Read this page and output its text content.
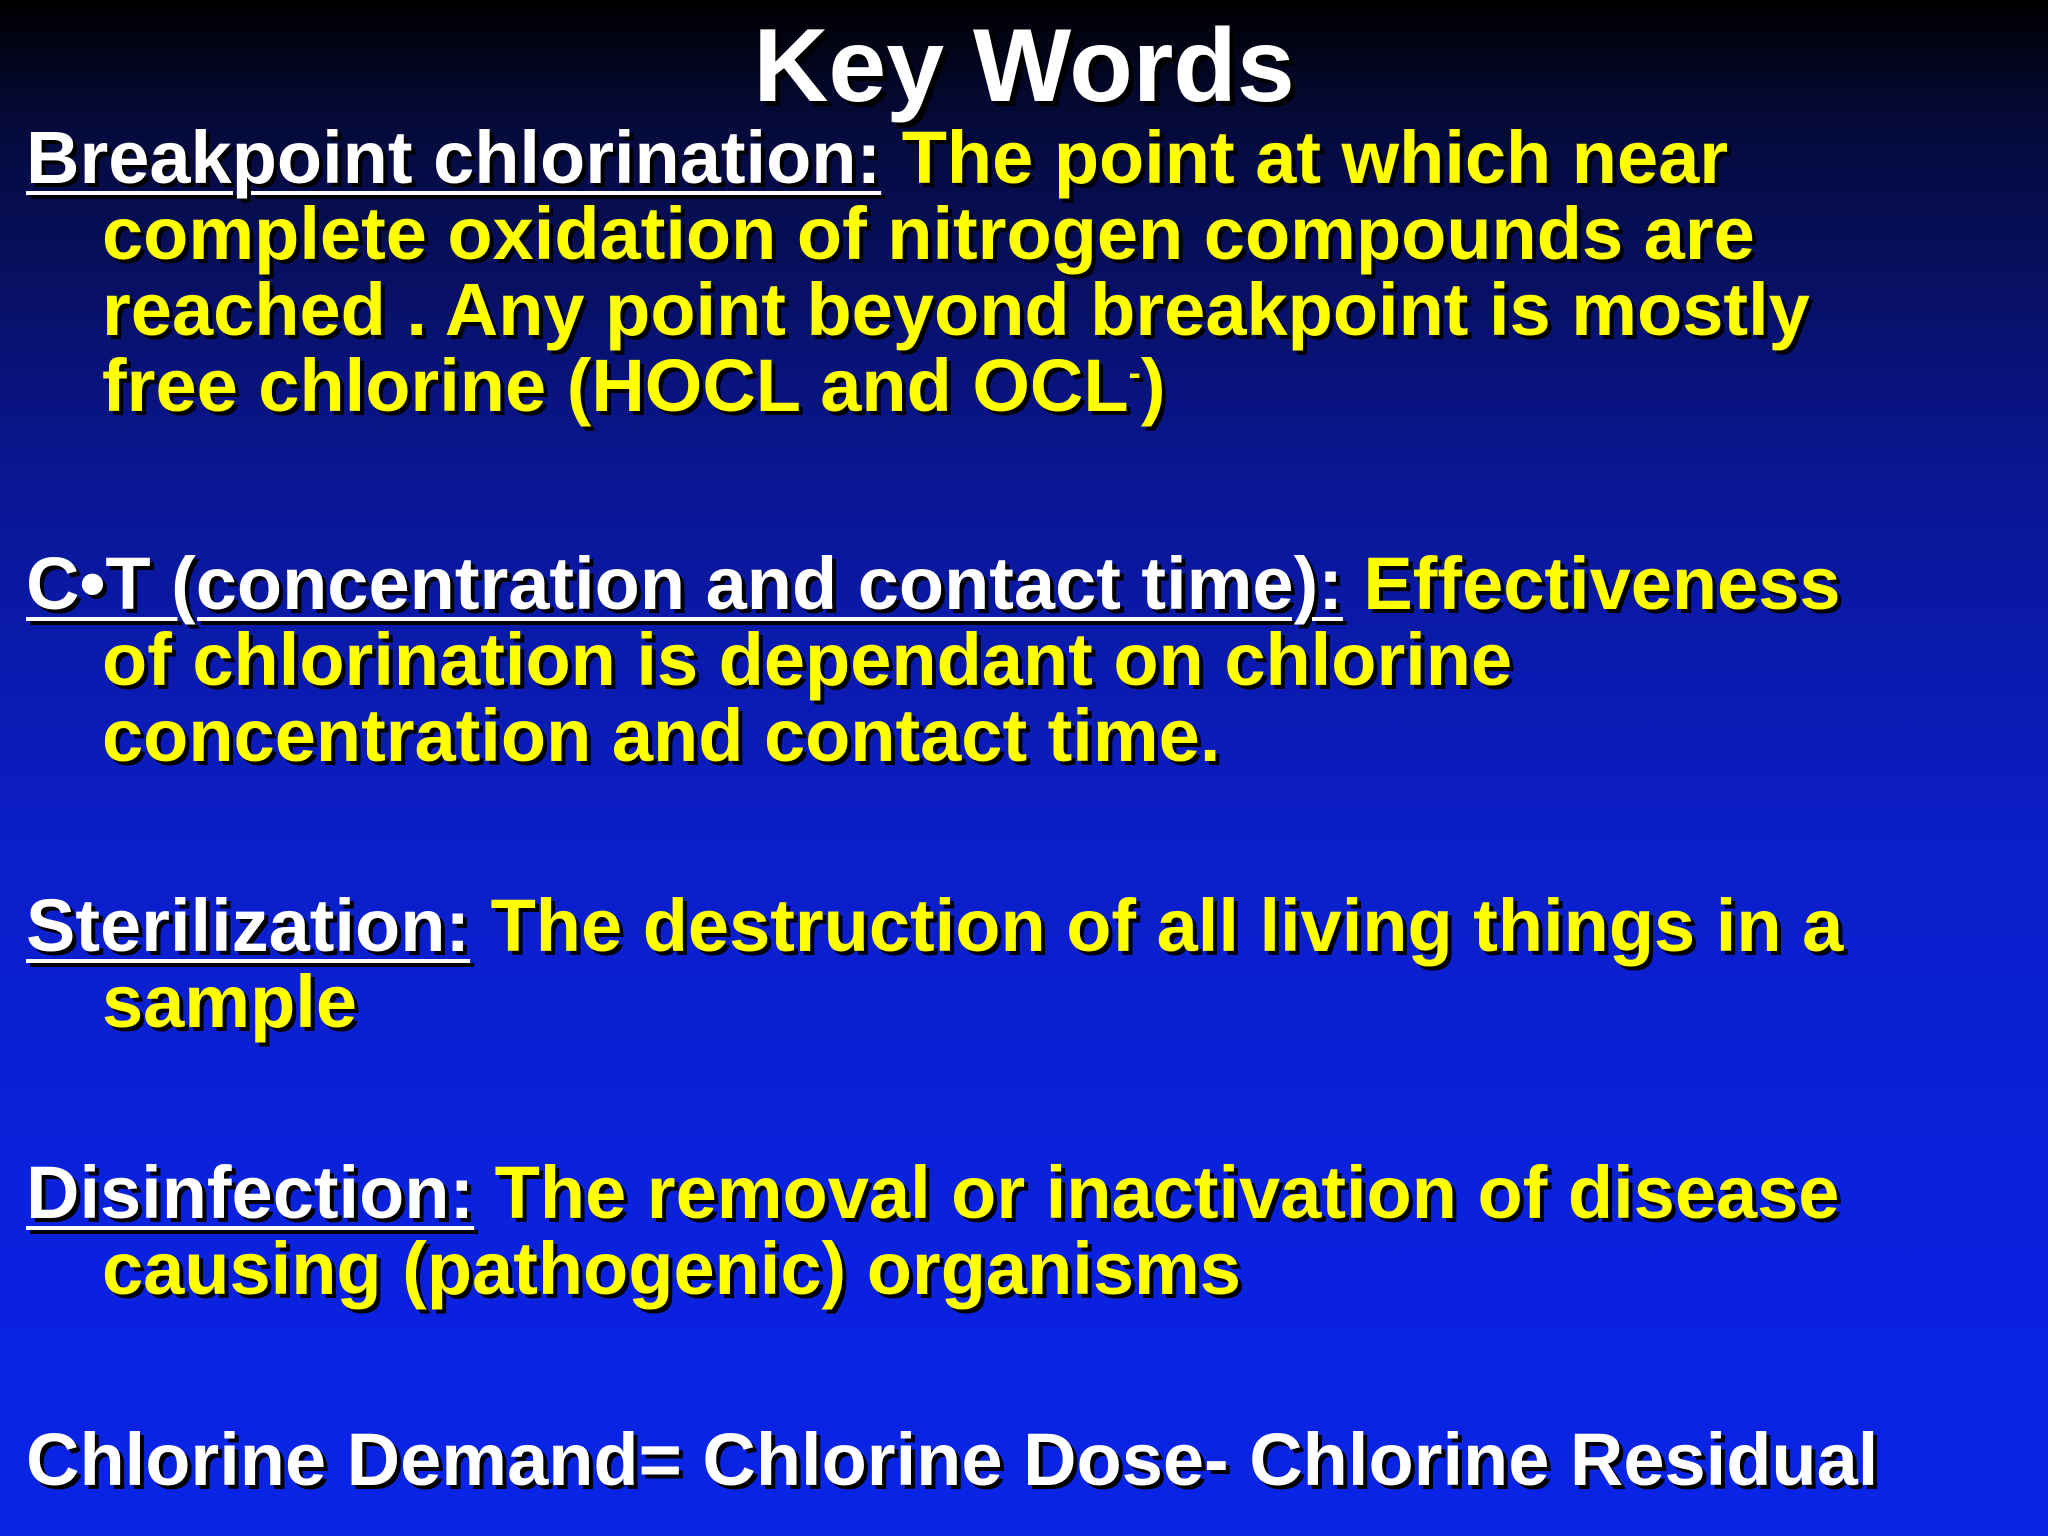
Key Words
Breakpoint chlorination: The point at which near
complete oxidation of nitrogen compounds are
reached . Any point beyond breakpoint is mostly
free chlorine (HOCL and OCL-)
C•T (concentration and contact time): Effectiveness
of chlorination is dependant on chlorine
concentration and contact time.
Sterilization: The destruction of all living things in a
sample
Disinfection: The removal or inactivation of disease
causing (pathogenic) organisms
Chlorine Demand= Chlorine Dose- Chlorine Residual
